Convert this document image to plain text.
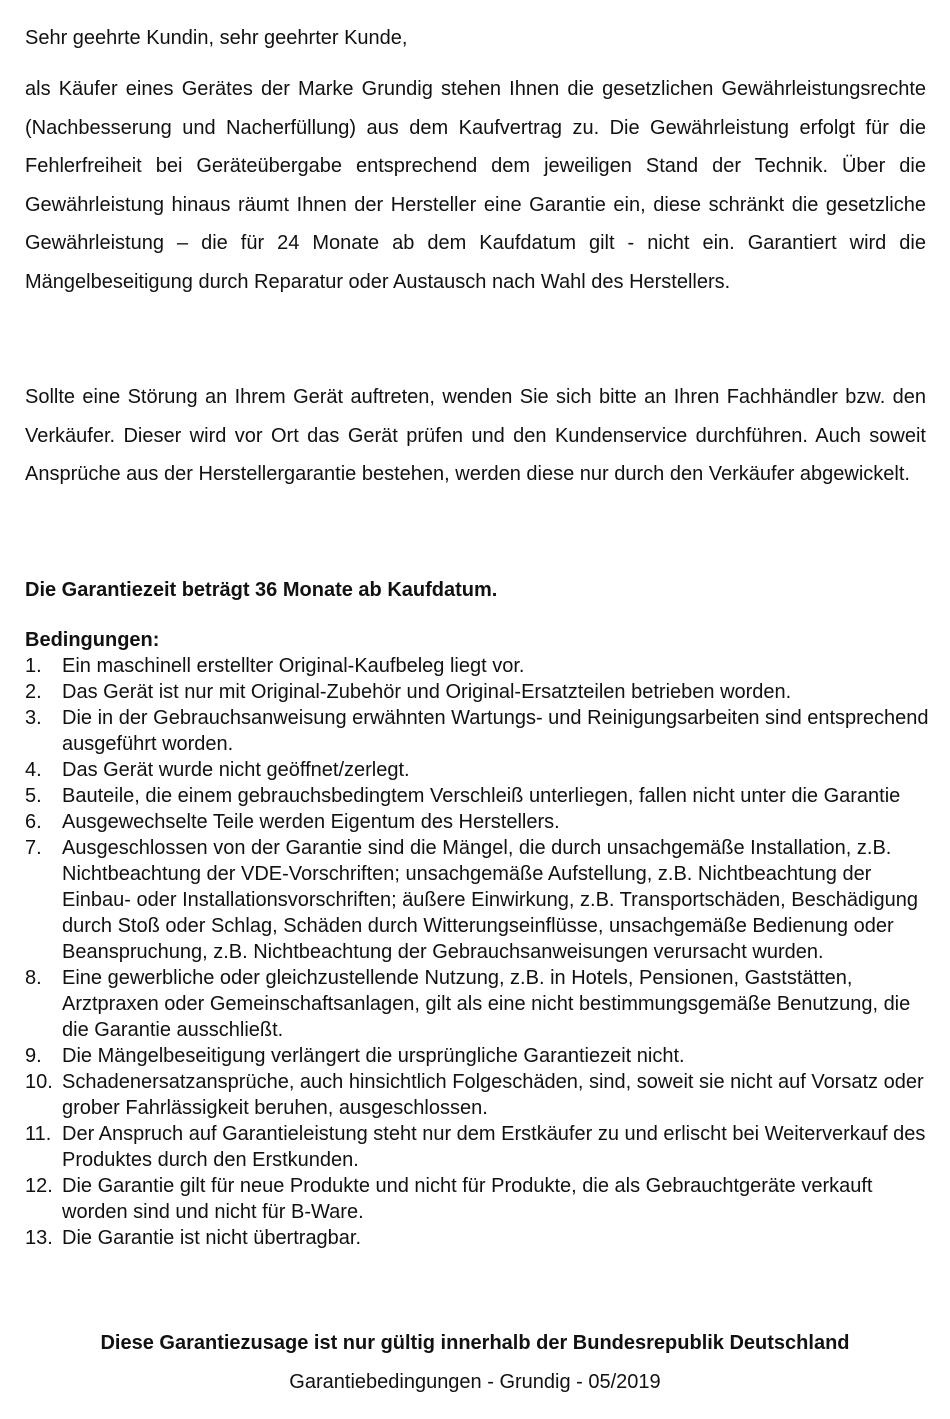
Sehr geehrte Kundin, sehr geehrter Kunde,
als Käufer eines Gerätes der Marke Grundig stehen Ihnen die gesetzlichen Gewährleistungsrechte (Nachbesserung und Nacherfüllung) aus dem Kaufvertrag zu. Die Gewährleistung erfolgt für die Fehlerfreiheit bei Geräteübergabe entsprechend dem jeweiligen Stand der Technik. Über die Gewährleistung hinaus räumt Ihnen der Hersteller eine Garantie ein, diese schränkt die gesetzliche Gewährleistung – die für 24 Monate ab dem Kaufdatum gilt - nicht ein. Garantiert wird die Mängelbeseitigung durch Reparatur oder Austausch nach Wahl des Herstellers.
Sollte eine Störung an Ihrem Gerät auftreten, wenden Sie sich bitte an Ihren Fachhändler bzw. den Verkäufer. Dieser wird vor Ort das Gerät prüfen und den Kundenservice durchführen. Auch soweit Ansprüche aus der Herstellergarantie bestehen, werden diese nur durch den Verkäufer abgewickelt.
Die Garantiezeit beträgt 36 Monate ab Kaufdatum.
Bedingungen:
1.	Ein maschinell erstellter Original-Kaufbeleg liegt vor.
2.	Das Gerät ist nur mit Original-Zubehör und Original-Ersatzteilen betrieben worden.
3.	Die in der Gebrauchsanweisung erwähnten Wartungs- und Reinigungsarbeiten sind entsprechend ausgeführt worden.
4.	Das Gerät wurde nicht geöffnet/zerlegt.
5.	Bauteile, die einem gebrauchsbedingtem Verschleiß unterliegen, fallen nicht unter die Garantie
6.	Ausgewechselte Teile werden Eigentum des Herstellers.
7.	Ausgeschlossen von der Garantie sind die Mängel, die durch unsachgemäße Installation, z.B. Nichtbeachtung der VDE-Vorschriften; unsachgemäße Aufstellung, z.B. Nichtbeachtung der Einbau- oder Installationsvorschriften; äußere Einwirkung, z.B. Transportschäden, Beschädigung durch Stoß oder Schlag, Schäden durch Witterungseinflüsse, unsachgemäße Bedienung oder Beanspruchung, z.B. Nichtbeachtung der Gebrauchsanweisungen verursacht wurden.
8.	Eine gewerbliche oder gleichzustellende Nutzung, z.B. in Hotels, Pensionen, Gaststätten, Arztpraxen oder Gemeinschaftsanlagen, gilt als eine nicht bestimmungsgemäße Benutzung, die die Garantie ausschließt.
9.	Die Mängelbeseitigung verlängert die ursprüngliche Garantiezeit nicht.
10. Schadenersatzansprüche, auch hinsichtlich Folgeschäden, sind, soweit sie nicht auf Vorsatz oder grober Fahrlässigkeit beruhen, ausgeschlossen.
11. Der Anspruch auf Garantieleistung steht nur dem Erstkäufer zu und erlischt bei Weiterverkauf des Produktes durch den Erstkunden.
12. Die Garantie gilt für neue Produkte und nicht für Produkte, die als Gebrauchtgeräte verkauft worden sind und nicht für B-Ware.
13. Die Garantie ist nicht übertragbar.
Diese Garantiezusage ist nur gültig innerhalb der Bundesrepublik Deutschland
Garantiebedingungen - Grundig - 05/2019
